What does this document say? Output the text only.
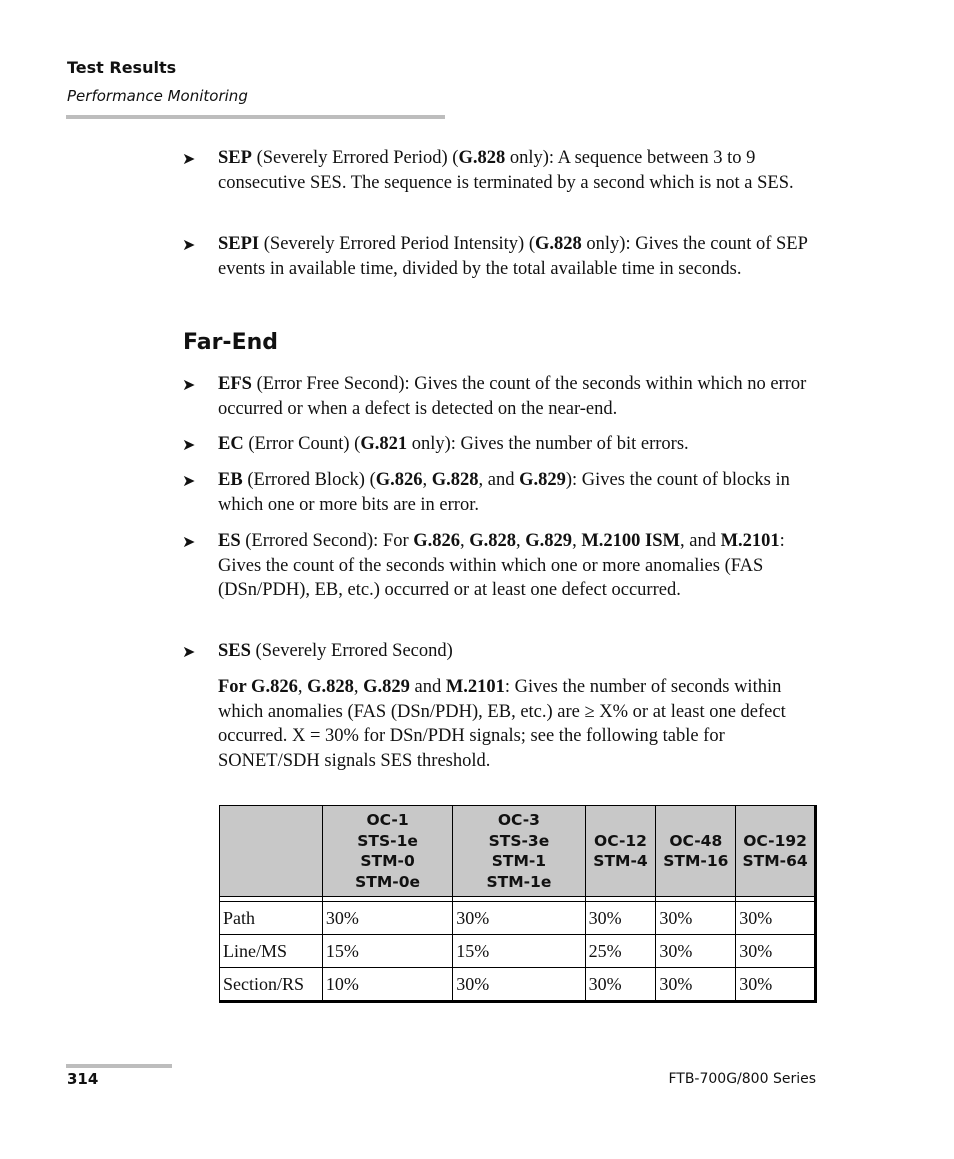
Test Results
Performance Monitoring
➤ SEP (Severely Errored Period) (G.828 only): A sequence between 3 to 9 consecutive SES. The sequence is terminated by a second which is not a SES.
➤ SEPI (Severely Errored Period Intensity) (G.828 only): Gives the count of SEP events in available time, divided by the total available time in seconds.
Far-End
➤ EFS (Error Free Second): Gives the count of the seconds within which no error occurred or when a defect is detected on the near-end.
➤ EC (Error Count) (G.821 only): Gives the number of bit errors.
➤ EB (Errored Block) (G.826, G.828, and G.829): Gives the count of blocks in which one or more bits are in error.
➤ ES (Errored Second): For G.826, G.828, G.829, M.2100 ISM, and M.2101: Gives the count of the seconds within which one or more anomalies (FAS (DSn/PDH), EB, etc.) occurred or at least one defect occurred.
➤ SES (Severely Errored Second)
For G.826, G.828, G.829 and M.2101: Gives the number of seconds within which anomalies (FAS (DSn/PDH), EB, etc.) are ≥ X% or at least one defect occurred. X = 30% for DSn/PDH signals; see the following table for SONET/SDH signals SES threshold.
	OC-1
STS-1e
STM-0
STM-0e	OC-3
STS-3e
STM-1
STM-1e	OC-12
STM-4	OC-48
STM-16	OC-192
STM-64

Path	30%	30%	30%	30%	30%
Line/MS	15%	15%	25%	30%	30%
Section/RS	10%	30%	30%	30%	30%
314	FTB-700G/800 Series
